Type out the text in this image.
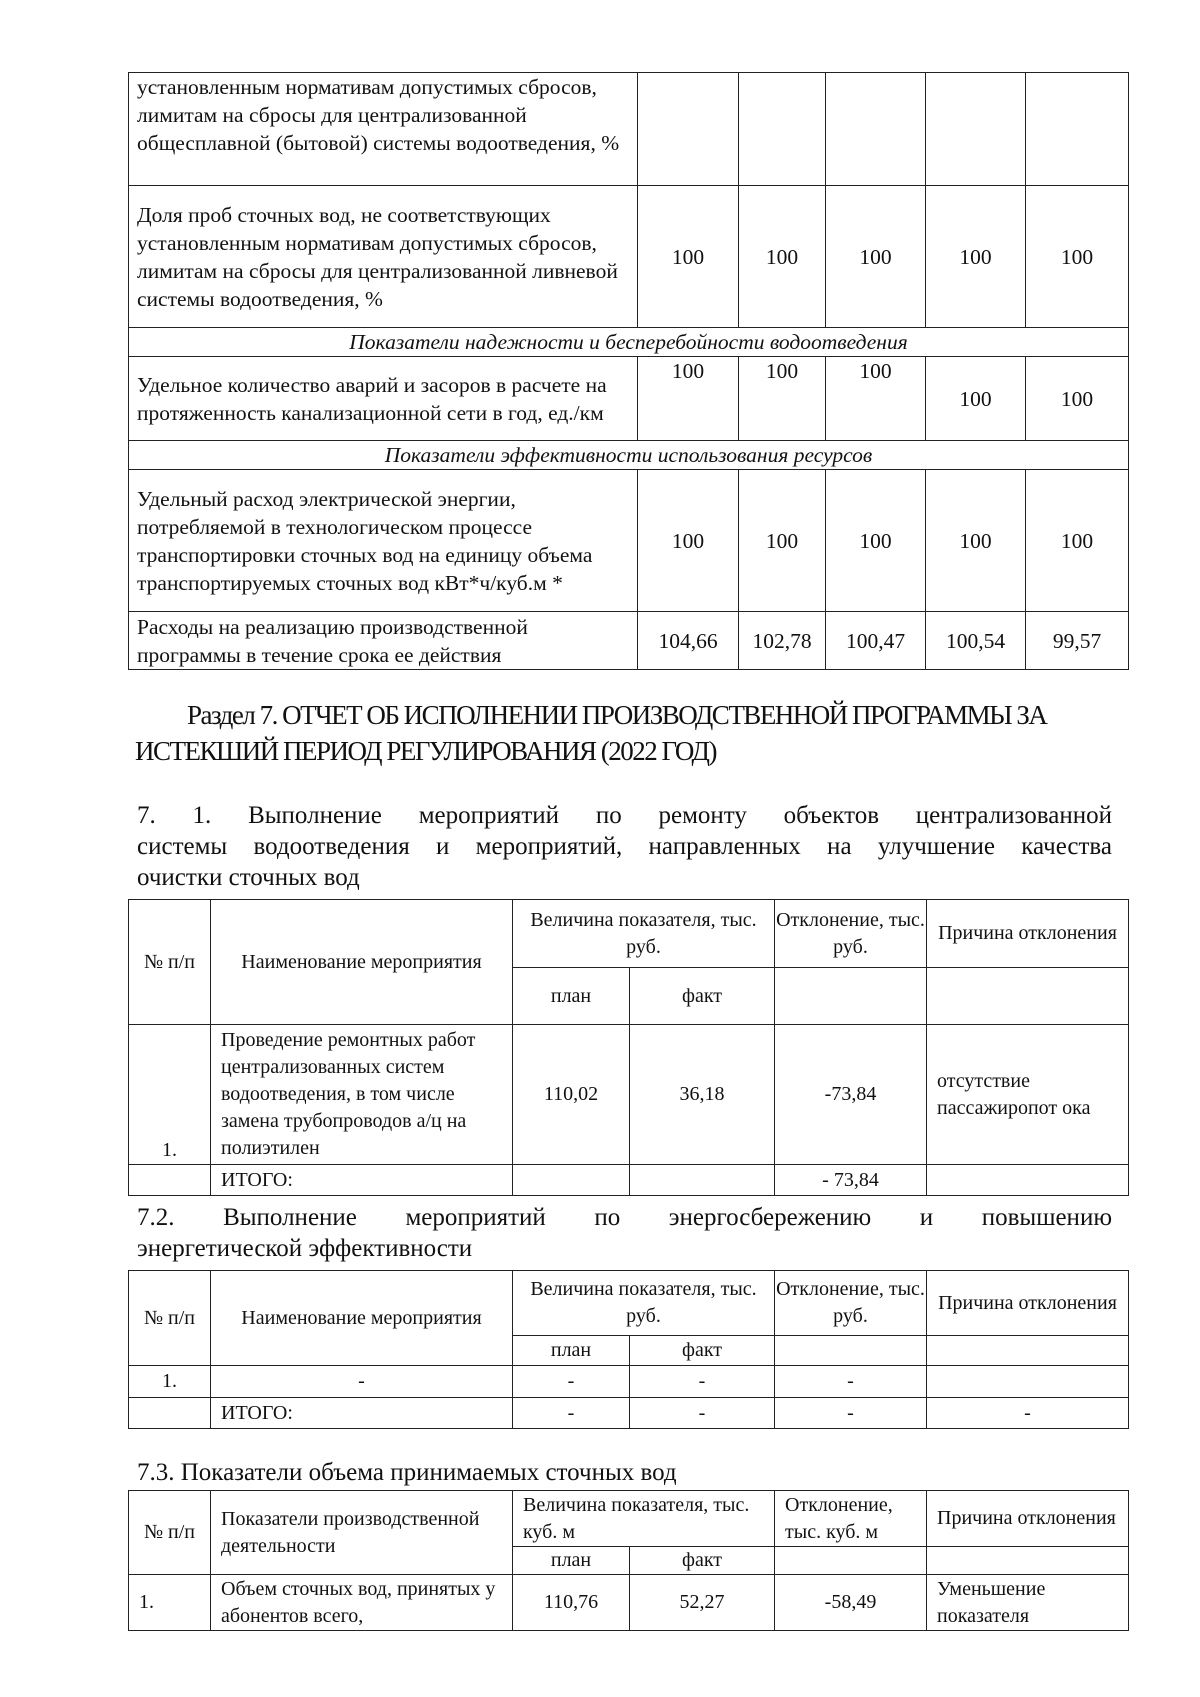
установленным нормативам допустимых сбросов, лимитам на сбросы для централизованной общесплавной (бытовой) системы водоотведения, %					
Доля проб сточных вод, не соответствующих установленным нормативам допустимых сбросов, лимитам на сбросы для централизованной ливневой системы водоотведения, %	100	100	100	100	100
Показатели надежности и бесперебойности водоотведения					
Удельное количество аварий и засоров в расчете на протяженность канализационной сети в год, ед./км	100	100	100	100	100
Показатели эффективности использования ресурсов					
Удельный расход электрической энергии, потребляемой в технологическом процессе транспортировки сточных вод на единицу объема транспортируемых сточных вод кВт*ч/куб.м *	100	100	100	100	100
Расходы на реализацию производственной программы в течение срока ее действия	104,66	102,78	100,47	100,54	99,57
Раздел 7. ОТЧЕТ ОБ ИСПОЛНЕНИИ ПРОИЗВОДСТВЕННОЙ ПРОГРАММЫ ЗА
ИСТЕКШИЙ ПЕРИОД РЕГУЛИРОВАНИЯ (2022 ГОД)
7. 1. Выполнение мероприятий по ремонту объектов централизованной
системы водоотведения и мероприятий, направленных на улучшение качества
очистки сточных вод
№ п/п	Наименование мероприятия	Величина показателя, тыс. руб.		Отклонение, тыс. руб.	Причина отклонения
		план	факт		
1.	Проведение ремонтных работ централизованных систем водоотведения, в том числе замена трубопроводов а/ц на полиэтилен	110,02	36,18	-73,84	отсутствие пассажиропот ока
	ИТОГО:			- 73,84	
7.2. Выполнение мероприятий по энергосбережению и повышению
энергетической эффективности
№ п/п	Наименование мероприятия	Величина показателя, тыс. руб.		Отклонение, тыс. руб.	Причина отклонения
		план	факт		
1.	-	-	-	-	
	ИТОГО:	-	-	-	-
7.3. Показатели объема принимаемых сточных вод
№ п/п	Показатели производственной деятельности	Величина показателя, тыс. куб. м		Отклонение, тыс. куб. м	Причина отклонения
		план	факт		
1.	Объем сточных вод, принятых у абонентов всего,	110,76	52,27	-58,49	Уменьшение показателя
